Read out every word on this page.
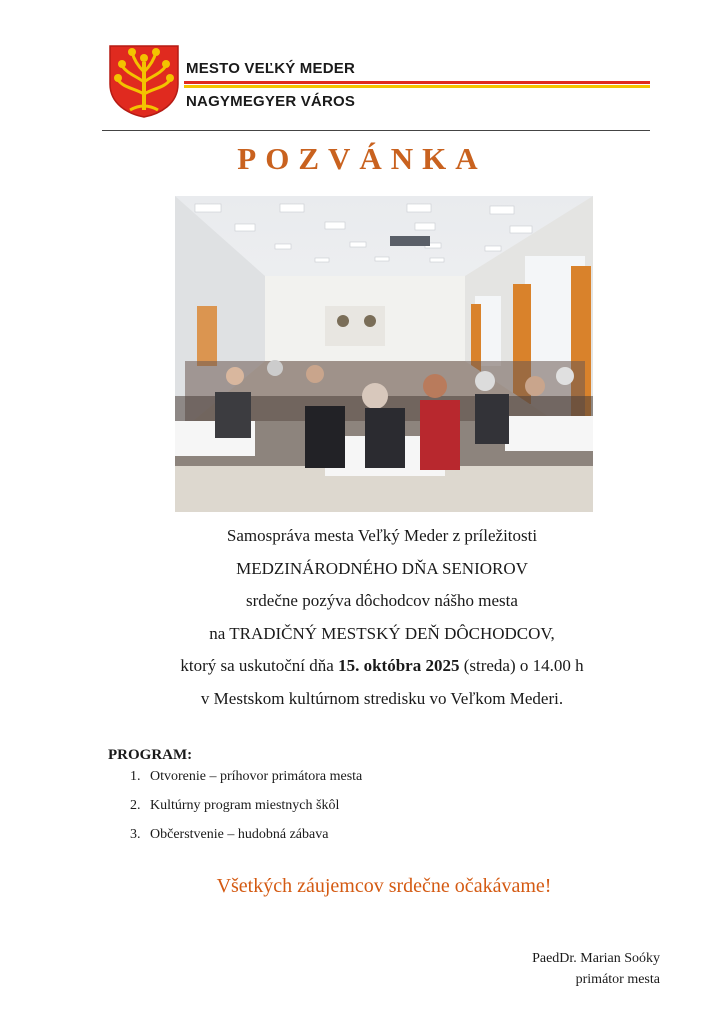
MESTO VEĽKÝ MEDER
NAGYMEGYER VÁROS
POZVÁNKA

Samospráva mesta Veľký Meder z príležitosti

MEDZINÁRODNÉHO DŇA SENIOROV

srdečne pozýva dôchodcov nášho mesta

na TRADIČNÝ MESTSKÝ DEŇ DÔCHODCOV,

ktorý sa uskutoční dňa 15. októbra 2025 (streda) o 14.00 h

v Mestskom kultúrnom stredisku vo Veľkom Mederi.

PROGRAM:
1. Otvorenie – príhovor primátora mesta
2. Kultúrny program miestnych škôl
3. Občerstvenie – hudobná zábava
Všetkých záujemcov srdečne očakávame!
PaedDr. Marian Soóky
primátor mesta
